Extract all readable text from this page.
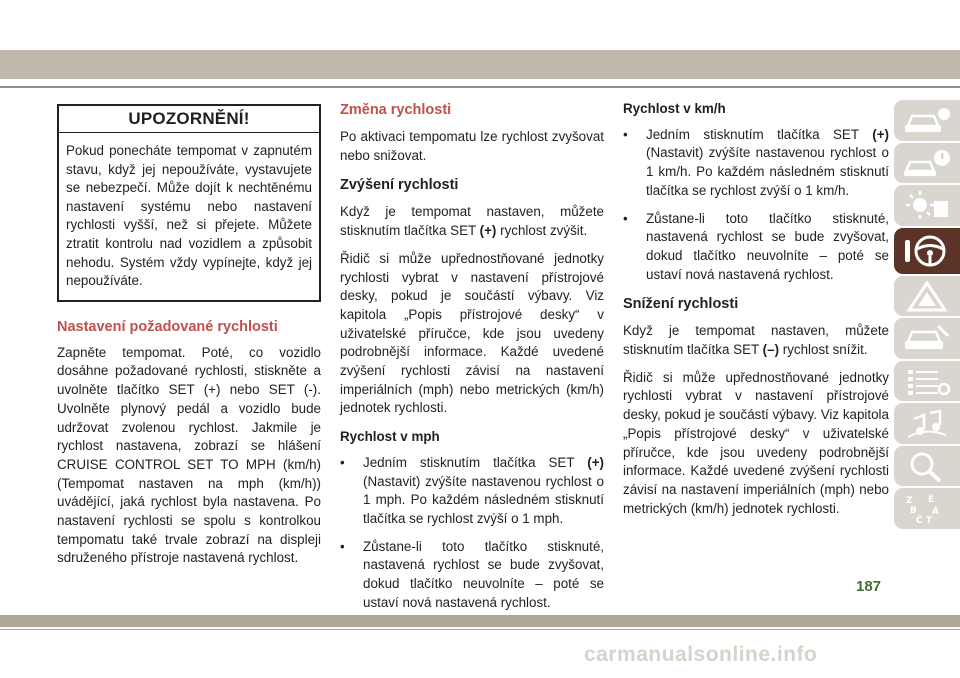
UPOZORNĚNÍ!
Pokud ponecháte tempomat v zapnutém stavu, když jej nepoužíváte, vystavujete se nebezpečí. Může dojít k nechtěnému nastavení systému nebo nastavení rychlosti vyšší, než si přejete. Můžete ztratit kontrolu nad vozidlem a způsobit nehodu. Systém vždy vypínejte, když jej nepoužíváte.
Nastavení požadované rychlosti

Zapněte tempomat. Poté, co vozidlo dosáhne požadované rychlosti, stiskněte a uvolněte tlačítko SET (+) nebo SET (-). Uvolněte plynový pedál a vozidlo bude udržovat zvolenou rychlost. Jakmile je rychlost nastavena, zobrazí se hlášení CRUISE CONTROL SET TO MPH (km/h) (Tempomat nastaven na mph (km/h)) uvádějící, jaká rychlost byla nastavena. Po nastavení rychlosti se spolu s kontrolkou tempomatu také trvale zobrazí na displeji sdruženého přístroje nastavená rychlost.

Změna rychlosti

Po aktivaci tempomatu lze rychlost zvyšovat nebo snižovat.

Zvýšení rychlosti

Když je tempomat nastaven, můžete stisknutím tlačítka SET (+) rychlost zvýšit.

Řidič si může upřednostňované jednotky rychlosti vybrat v nastavení přístrojové desky, pokud je součástí výbavy. Viz kapitola „Popis přístrojové desky“ v uživatelské příručce, kde jsou uvedeny podrobnější informace. Každé uvedené zvýšení rychlosti závisí na nastavení imperiálních (mph) nebo metrických (km/h) jednotek rychlosti.

Rychlost v mph
• Jedním stisknutím tlačítka SET (+) (Nastavit) zvýšíte nastavenou rychlost o 1 mph. Po každém následném stisknutí tlačítka se rychlost zvýší o 1 mph.
• Zůstane-li toto tlačítko stisknuté, nastavená rychlost se bude zvyšovat, dokud tlačítko neuvolníte – poté se ustaví nová nastavená rychlost.
Rychlost v km/h
• Jedním stisknutím tlačítka SET (+) (Nastavit) zvýšíte nastavenou rychlost o 1 km/h. Po každém následném stisknutí tlačítka se rychlost zvýší o 1 km/h.
• Zůstane-li toto tlačítko stisknuté, nastavená rychlost se bude zvyšovat, dokud tlačítko neuvolníte – poté se ustaví nová nastavená rychlost.
Snížení rychlosti

Když je tempomat nastaven, můžete stisknutím tlačítka SET (–) rychlost snížit.

Řidič si může upřednostňované jednotky rychlosti vybrat v nastavení přístrojové desky, pokud je součástí výbavy. Viz kapitola „Popis přístrojové desky“ v uživatelské příručce, kde jsou uvedeny podrobnější informace. Každé uvedené zvýšení rychlosti závisí na nastavení imperiálních (mph) nebo metrických (km/h) jednotek rychlosti.	Z É
B Á
Č T
187
carmanualsonline.info
